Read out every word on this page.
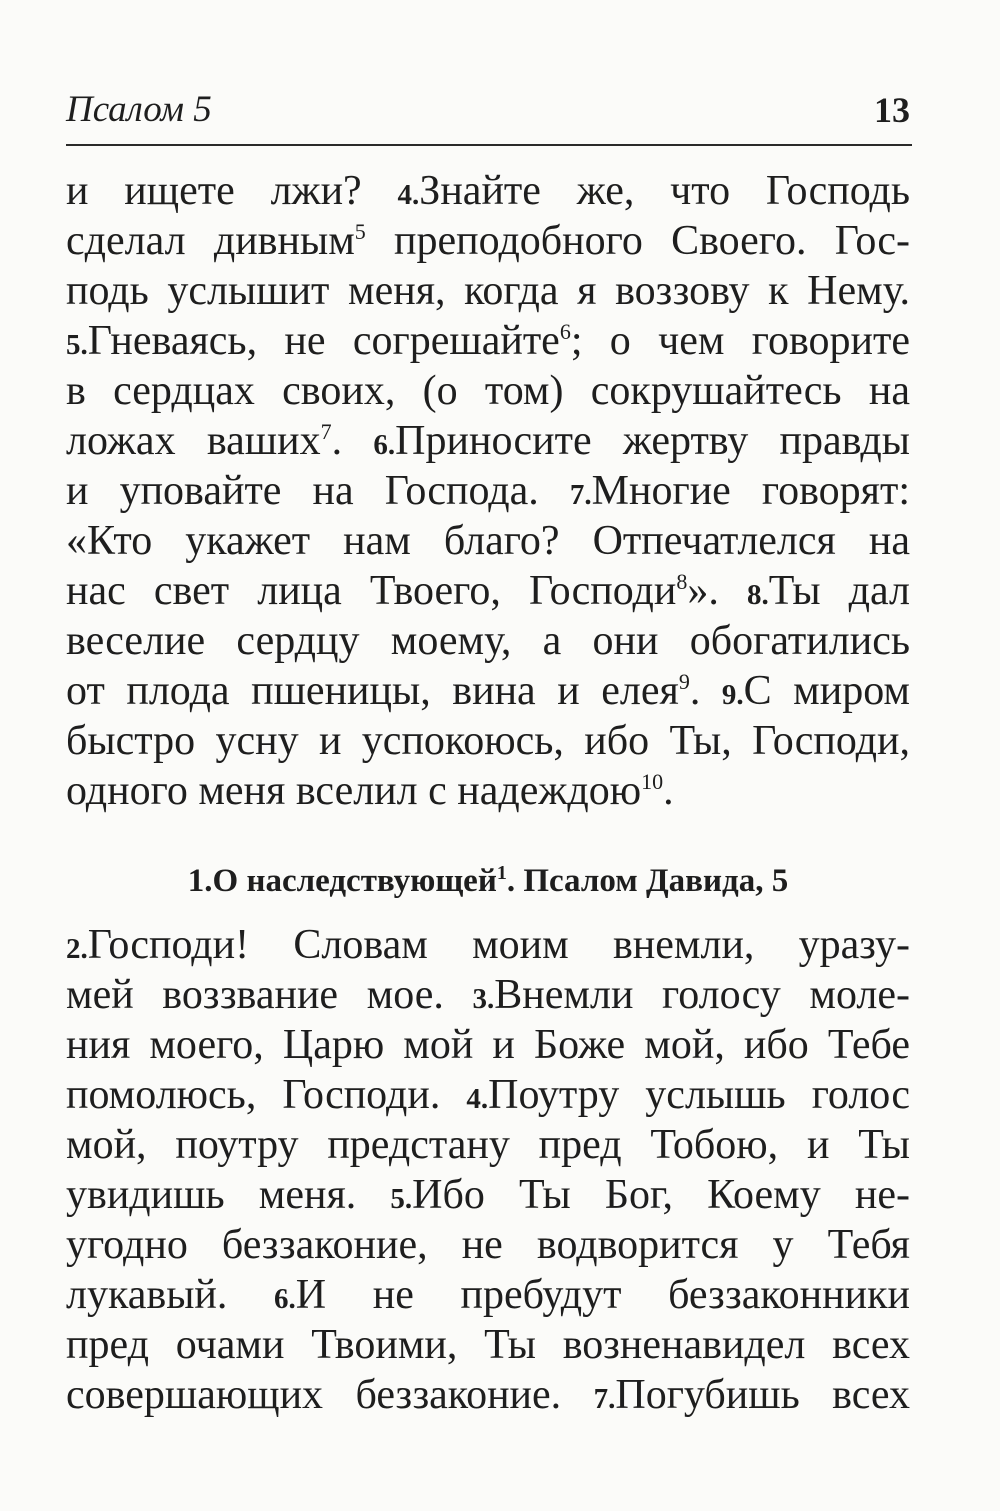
Псалом 5	13
и ищете лжи? 4.Знайте же, что Господь
сделал дивным$^5$ преподобного Своего. Гос-
подь услышит меня, когда я воззову к Нему.
5.Гневаясь, не согрешайте$^6$; о чем говорите
в сердцах своих, (о том) сокрушайтесь на
ложах ваших$^7$. 6.Приносите жертву правды
и уповайте на Господа. 7.Многие говорят:
«Кто укажет нам благо? Отпечатлелся на
нас свет лица Твоего, Господи$^8$». 8.Ты дал
веселие сердцу моему, а они обогатились
от плода пшеницы, вина и елея$^9$. 9.С миром
быстро усну и успокоюсь, ибо Ты, Господи,
одного меня вселил с надеждою$^{10}$.
1.О наследствующей$^1$. Псалом Давида, 5
2.Господи! Словам моим внемли, уразу-
мей воззвание мое. 3.Внемли голосу моле-
ния моего, Царю мой и Боже мой, ибо Тебе
помолюсь, Господи. 4.Поутру услышь голос
мой, поутру предстану пред Тобою, и Ты
увидишь меня. 5.Ибо Ты Бог, Коему не-
угодно беззаконие, не водворится у Тебя
лукавый. 6.И не пребудут беззаконники
пред очами Твоими, Ты возненавидел всех
совершающих беззаконие. 7.Погубишь всех
